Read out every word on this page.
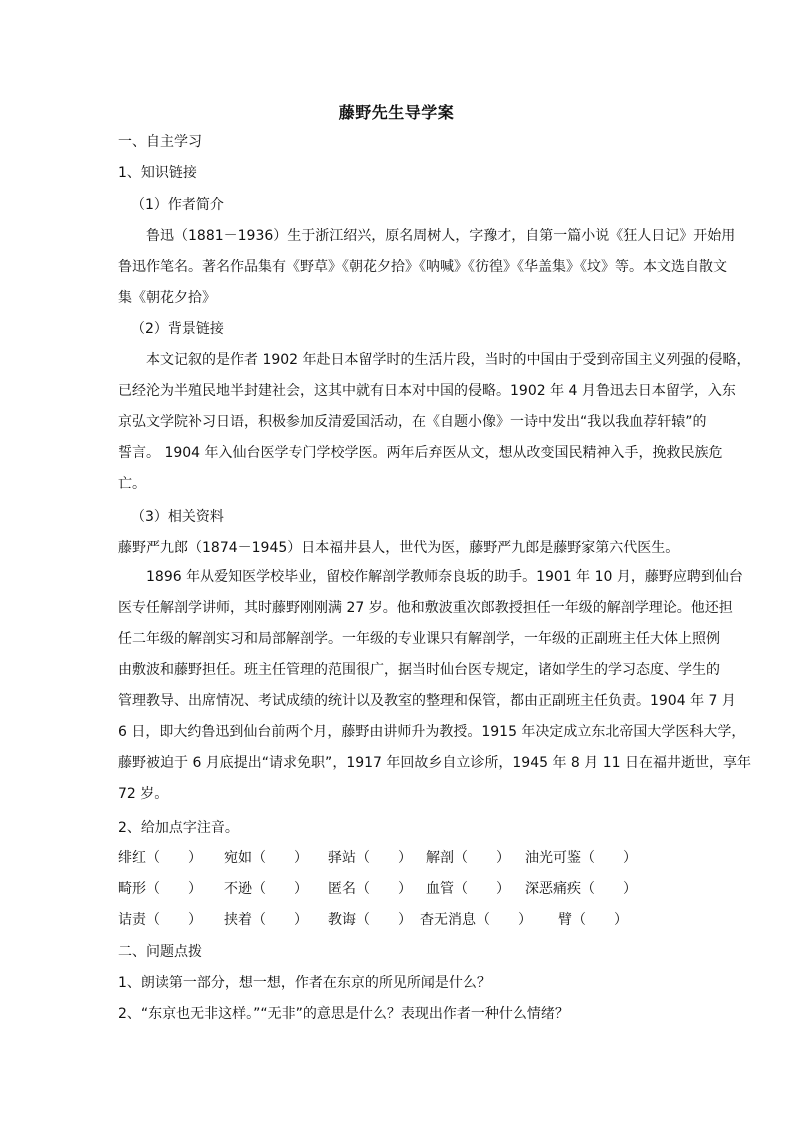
藤野先生导学案
一、自主学习
1、知识链接
（1）作者简介
鲁迅（1881－1936）生于浙江绍兴，原名周树人，字豫才，自第一篇小说《狂人日记》开始用
鲁迅作笔名。著名作品集有《野草》《朝花夕拾》《呐喊》《彷徨》《华盖集》《坟》等。本文选自散文
集《朝花夕拾》
（2）背景链接
本文记叙的是作者 1902 年赴日本留学时的生活片段，当时的中国由于受到帝国主义列强的侵略，
已经沦为半殖民地半封建社会，这其中就有日本对中国的侵略。1902 年 4 月鲁迅去日本留学，入东
京弘文学院补习日语，积极参加反清爱国活动，在《自题小像》一诗中发出“我以我血荐轩辕”的
誓言。 1904 年入仙台医学专门学校学医。两年后弃医从文，想从改变国民精神入手，挽救民族危
亡。
（3）相关资料
藤野严九郎（1874－1945）日本福井县人，世代为医，藤野严九郎是藤野家第六代医生。
1896 年从爱知医学校毕业，留校作解剖学教师奈良坂的助手。1901 年 10 月，藤野应聘到仙台
医专任解剖学讲师，其时藤野刚刚满 27 岁。他和敷波重次郎教授担任一年级的解剖学理论。他还担
任二年级的解剖实习和局部解剖学。一年级的专业课只有解剖学，一年级的正副班主任大体上照例
由敷波和藤野担任。班主任管理的范围很广，据当时仙台医专规定，诸如学生的学习态度、学生的
管理教导、出席情况、考试成绩的统计以及教室的整理和保管，都由正副班主任负责。1904 年 7 月
6 日，即大约鲁迅到仙台前两个月，藤野由讲师升为教授。1915 年决定成立东北帝国大学医科大学，
藤野被迫于 6 月底提出“请求免职”，1917 年回故乡自立诊所，1945 年 8 月 11 日在福井逝世，享年
72 岁。
2、给加点字注音。
绯红（　　） 宛如（　　） 驿站（　　） 解剖（　　） 油光可鉴（　　）
畸形（　　） 不逊（　　） 匿名（　　） 血管（　　） 深恶痛疾（　　）
诘责（　　） 挟着（　　） 教诲（　　） 杳无消息（　　） 臂（　　）
二、问题点拨
1、朗读第一部分，想一想，作者在东京的所见所闻是什么？
2、“东京也无非这样。”“无非”的意思是什么？表现出作者一种什么情绪？
